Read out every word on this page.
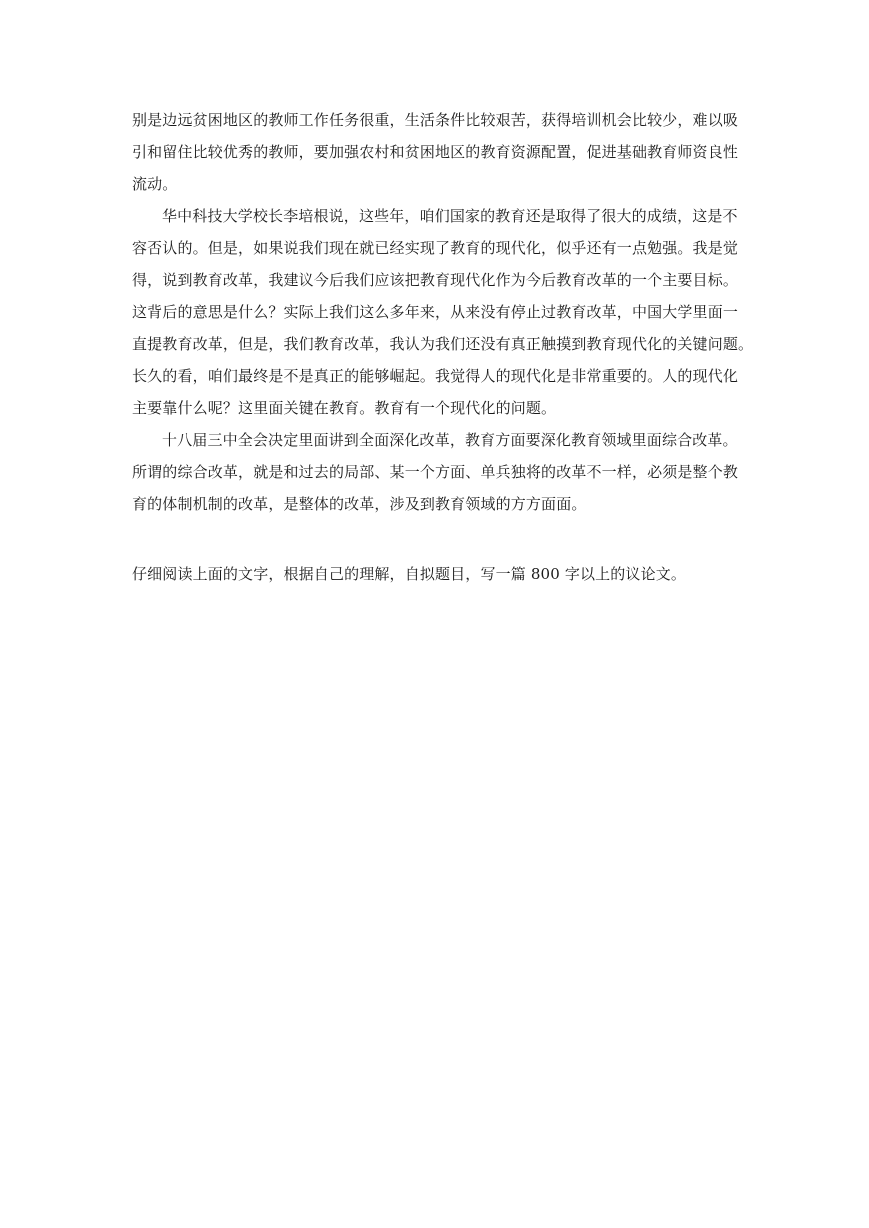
别是边远贫困地区的教师工作任务很重，生活条件比较艰苦，获得培训机会比较少，难以吸
引和留住比较优秀的教师，要加强农村和贫困地区的教育资源配置，促进基础教育师资良性
流动。
华中科技大学校长李培根说，这些年，咱们国家的教育还是取得了很大的成绩，这是不
容否认的。但是，如果说我们现在就已经实现了教育的现代化，似乎还有一点勉强。我是觉
得，说到教育改革，我建议今后我们应该把教育现代化作为今后教育改革的一个主要目标。
这背后的意思是什么？实际上我们这么多年来，从来没有停止过教育改革，中国大学里面一
直提教育改革，但是，我们教育改革，我认为我们还没有真正触摸到教育现代化的关键问题。
长久的看，咱们最终是不是真正的能够崛起。我觉得人的现代化是非常重要的。人的现代化
主要靠什么呢？这里面关键在教育。教育有一个现代化的问题。
十八届三中全会决定里面讲到全面深化改革，教育方面要深化教育领域里面综合改革。
所谓的综合改革，就是和过去的局部、某一个方面、单兵独将的改革不一样，必须是整个教
育的体制机制的改革，是整体的改革，涉及到教育领域的方方面面。
仔细阅读上面的文字，根据自己的理解，自拟题目，写一篇 800 字以上的议论文。
